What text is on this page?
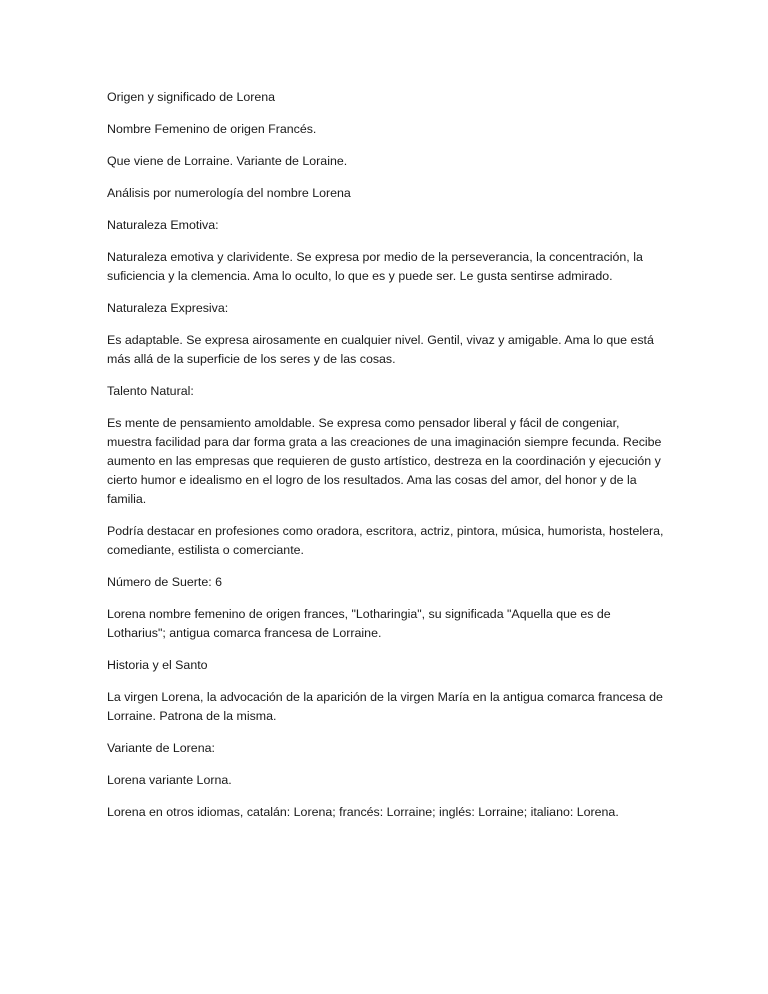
Origen y significado de Lorena

Nombre Femenino de origen Francés.

Que viene de Lorraine. Variante de Loraine.

Análisis por numerología del nombre Lorena

Naturaleza Emotiva:

Naturaleza emotiva y clarividente. Se expresa por medio de la perseverancia, la concentración, la suficiencia y la clemencia. Ama lo oculto, lo que es y puede ser. Le gusta sentirse admirado.

Naturaleza Expresiva:

Es adaptable. Se expresa airosamente en cualquier nivel. Gentil, vivaz y amigable. Ama lo que está más allá de la superficie de los seres y de las cosas.

Talento Natural:

Es mente de pensamiento amoldable. Se expresa como pensador liberal y fácil de congeniar, muestra facilidad para dar forma grata a las creaciones de una imaginación siempre fecunda. Recibe aumento en las empresas que requieren de gusto artístico, destreza en la coordinación y ejecución y cierto humor e idealismo en el logro de los resultados. Ama las cosas del amor, del honor y de la familia.

Podría destacar en profesiones como oradora, escritora, actriz, pintora, música, humorista, hostelera, comediante, estilista o comerciante.

Número de Suerte: 6

Lorena nombre femenino de origen frances, "Lotharingia", su significada "Aquella que es de Lotharius"; antigua comarca francesa de Lorraine.

Historia y el Santo

La virgen Lorena, la advocación de la aparición de la virgen María en la antigua comarca francesa de Lorraine. Patrona de la misma.

Variante de Lorena:

Lorena variante Lorna.

Lorena en otros idiomas, catalán: Lorena; francés: Lorraine; inglés: Lorraine; italiano: Lorena.
